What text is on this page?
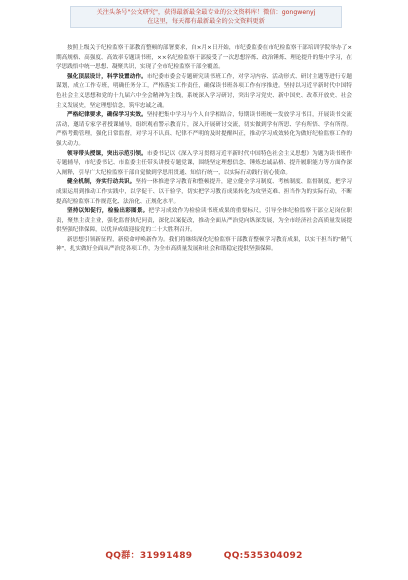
关注头条号"公文研究"，获得最新最全最专业的公文资料库！微信：gongwenyj
在这里，每天都有最新最全的公文资料更新

按照上级关于纪检监察干部教育整顿的部署要求，自×月×日开始，市纪委监委在市纪检监察干部培训学院举办了×期高规格、高强度、高效率专题读书班，××名纪检监察干部接受了一次思想淬炼、政治锤炼、理论提升的集中学习，在学思践悟中统一思想、凝聚共识，实现了全市纪检监察干部全覆盖。

强化顶层设计，科学设置动作。市纪委市委会专题研究读书班工作，对学习内容、活动形式、研讨主题等进行专题谋划，成立工作专班，明确任务分工，严格落实工作责任，确保读书班各项工作有序推进。坚持以习近平新时代中国特色社会主义思想和党的十九届六中全会精神为主线，系统深入学习研讨，突出学习党史、新中国史、改革开放史、社会主义发展史，坚定理想信念，筑牢忠诚之魂。

严格纪律要求，确保学习实效。坚持把集中学习与个人自学相结合，每期读书班统一发放学习书目，开展读书交流活动，邀请专家学者授课辅导，组织观看警示教育片，深入开展研讨交流，切实做到学有所思、学有所悟、学有所得。严格考勤管理，强化日常监督，对学习不认真、纪律不严明的及时提醒纠正，推动学习成效转化为做好纪检监察工作的强大动力。

领导带头授课，突出示范引领。市委书记以《深入学习贯彻习近平新时代中国特色社会主义思想》为题为读书班作专题辅导，市纪委书记、市监委主任带头讲授专题党课，围绕坚定理想信念、锤炼忠诚品格、提升履职能力等方面作深入阐释，引导广大纪检监察干部自觉做到学思用贯通、知信行统一，以实际行动践行初心使命。

健全机制，夯实行动共识。坚持一体推进学习教育和整顿提升，建立健全学习制度、考核制度、监督制度，把学习成果运用到推动工作实践中，以学促干、以干验学，切实把学习教育成果转化为攻坚克难、担当作为的实际行动，不断提高纪检监察工作规范化、法治化、正规化水平。

坚持以知促行，检验出彩图景。把学习成效作为检验读书班成果的重要标尺，引导全体纪检监察干部立足岗位职责，聚焦主责主业，强化监督执纪问责，深化以案促改，推动全面从严治党向纵深发展，为全市经济社会高质量发展提供坚强纪律保障，以优异成绩迎接党的二十大胜利召开。

新思想引领新征程，新使命呼唤新作为。我们将继续深化纪检监察干部教育整顿学习教育成果，以实干担当的"精气神"，扎实做好全面从严治党各项工作，为全市高质量发展和社会和谐稳定提供坚强保障。

QQ群：31991489	QQ:535304092
